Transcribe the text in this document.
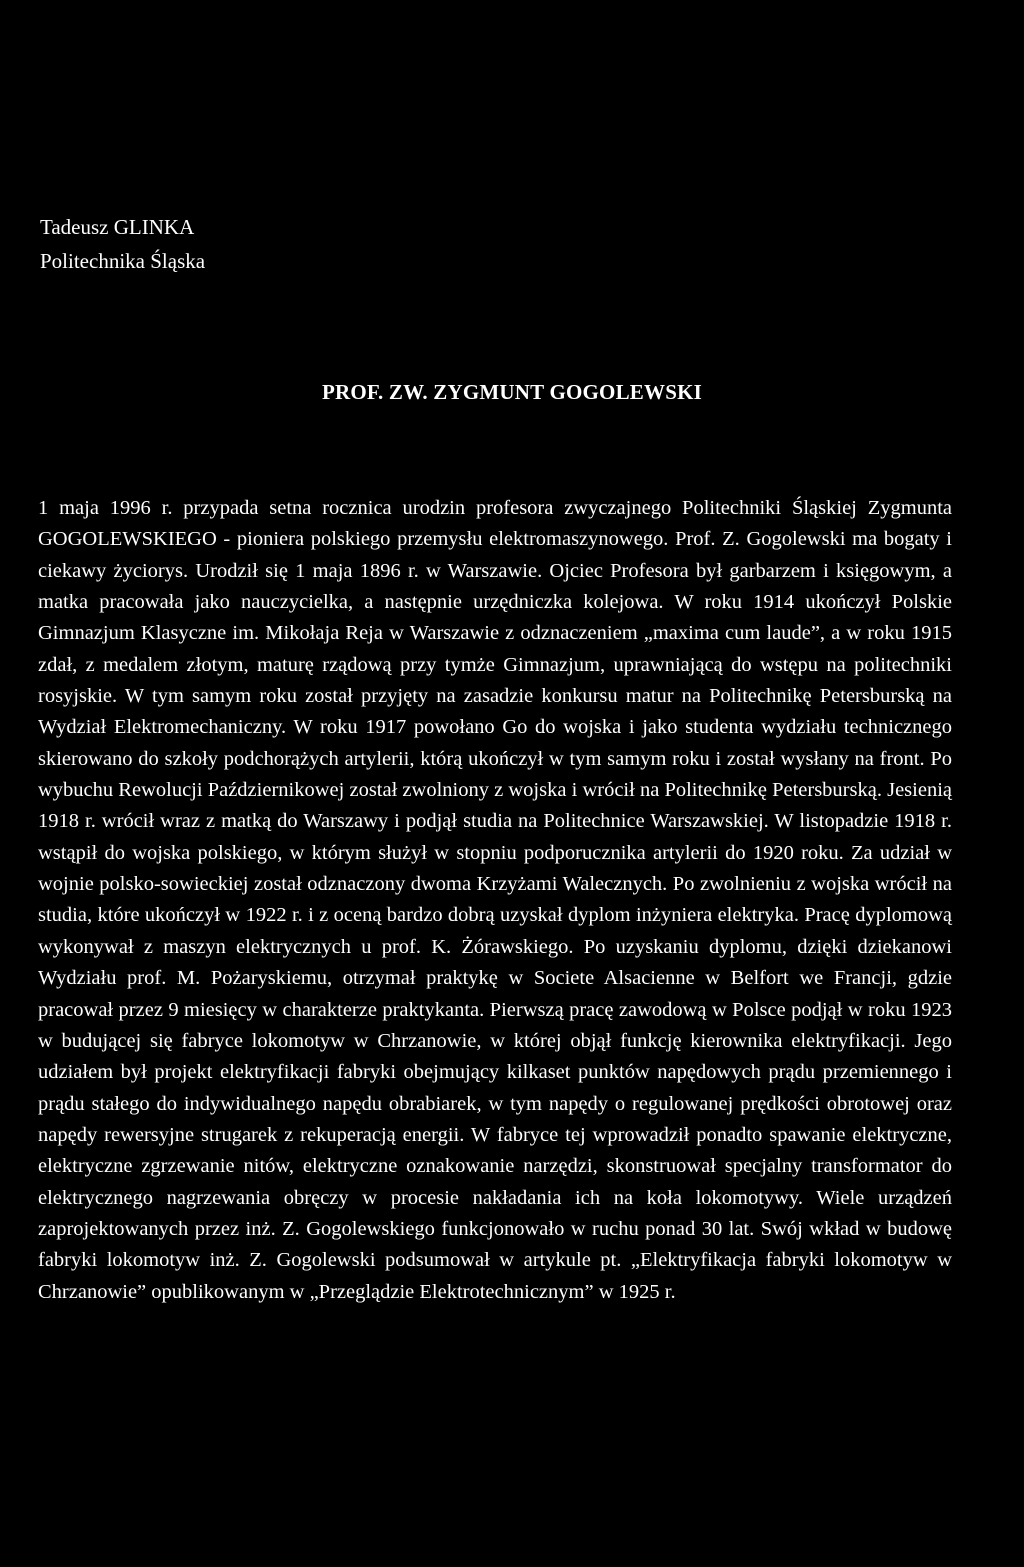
Tadeusz GLINKA
Politechnika Śląska
PROF. ZW. ZYGMUNT GOGOLEWSKI
1 maja 1996 r. przypada setna rocznica urodzin profesora zwyczajnego Politechniki Śląskiej Zygmunta GOGOLEWSKIEGO - pioniera polskiego przemysłu elektromaszynowego. Prof. Z. Gogolewski ma bogaty i ciekawy życiorys. Urodził się 1 maja 1896 r. w Warszawie. Ojciec Profesora był garbarzem i księgowym, a matka pracowała jako nauczycielka, a następnie urzędniczka kolejowa. W roku 1914 ukończył Polskie Gimnazjum Klasyczne im. Mikołaja Reja w Warszawie z odznaczeniem „maxima cum laude”, a w roku 1915 zdał, z medalem złotym, maturę rządową przy tymże Gimnazjum, uprawniającą do wstępu na politechniki rosyjskie. W tym samym roku został przyjęty na zasadzie konkursu matur na Politechnikę Petersburską na Wydział Elektromechaniczny. W roku 1917 powołano Go do wojska i jako studenta wydziału technicznego skierowano do szkoły podchorążych artylerii, którą ukończył w tym samym roku i został wysłany na front. Po wybuchu Rewolucji Październikowej został zwolniony z wojska i wrócił na Politechnikę Petersburską. Jesienią 1918 r. wrócił wraz z matką do Warszawy i podjął studia na Politechnice Warszawskiej. W listopadzie 1918 r. wstąpił do wojska polskiego, w którym służył w stopniu podporucznika artylerii do 1920 roku. Za udział w wojnie polsko-sowieckiej został odznaczony dwoma Krzyżami Walecznych. Po zwolnieniu z wojska wrócił na studia, które ukończył w 1922 r. i z oceną bardzo dobrą uzyskał dyplom inżyniera elektryka. Pracę dyplomową wykonywał z maszyn elektrycznych u prof. K. Żórawskiego. Po uzyskaniu dyplomu, dzięki dziekanowi Wydziału prof. M. Pożaryskiemu, otrzymał praktykę w Societe Alsacienne w Belfort we Francji, gdzie pracował przez 9 miesięcy w charakterze praktykanta. Pierwszą pracę zawodową w Polsce podjął w roku 1923 w budującej się fabryce lokomotyw w Chrzanowie, w której objął funkcję kierownika elektryfikacji. Jego udziałem był projekt elektryfikacji fabryki obejmujący kilkaset punktów napędowych prądu przemiennego i prądu stałego do indywidualnego napędu obrabiarek, w tym napędy o regulowanej prędkości obrotowej oraz napędy rewersyjne strugarek z rekuperacją energii. W fabryce tej wprowadził ponadto spawanie elektryczne, elektryczne zgrzewanie nitów, elektryczne oznakowanie narzędzi, skonstruował specjalny transformator do elektrycznego nagrzewania obręczy w procesie nakładania ich na koła lokomotywy. Wiele urządzeń zaprojektowanych przez inż. Z. Gogolewskiego funkcjonowało w ruchu ponad 30 lat. Swój wkład w budowę fabryki lokomotyw inż. Z. Gogolewski podsumował w artykule pt. „Elektryfikacja fabryki lokomotyw w Chrzanowie” opublikowanym w „Przeglądzie Elektrotechnicznym” w 1925 r.
